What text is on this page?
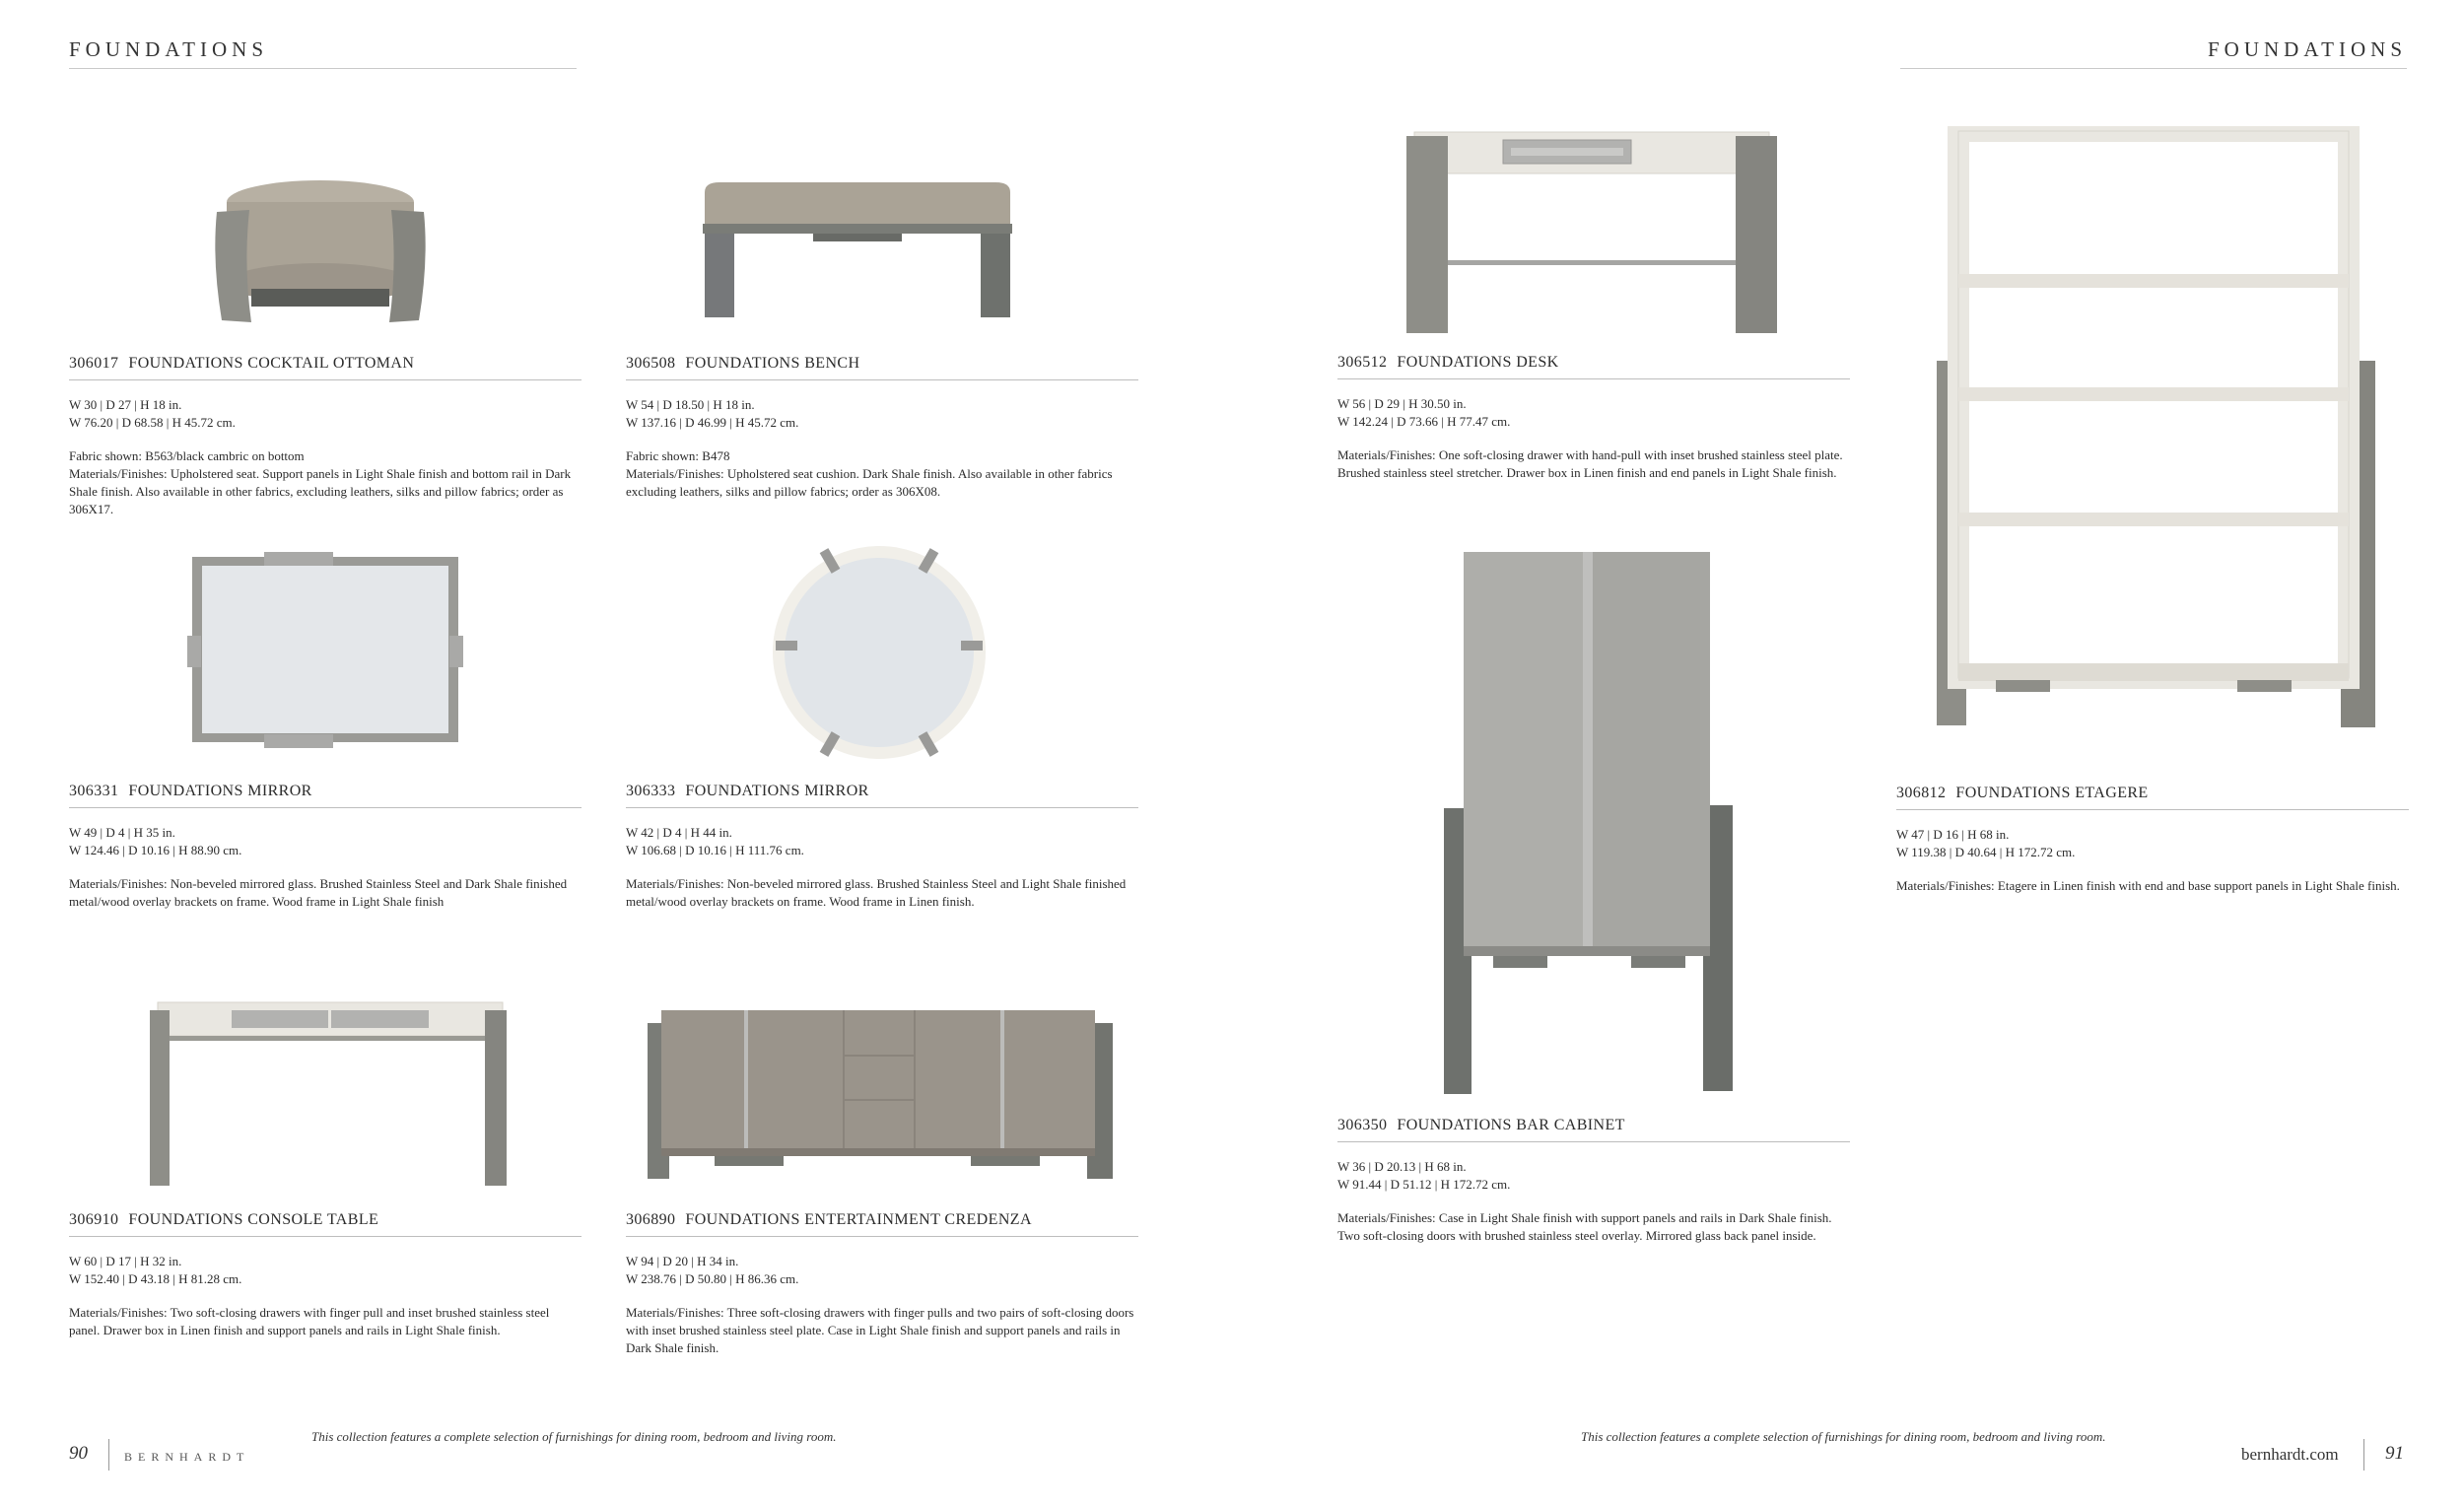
FOUNDATIONS	FOUNDATIONS
306017 FOUNDATIONS COCKTAIL OTTOMAN
W 30 | D 27 | H 18 in.
W 76.20 | D 68.58 | H 45.72 cm.
Fabric shown: B563/black cambric on bottom
Materials/Finishes: Upholstered seat. Support panels in Light Shale finish and bottom rail in Dark Shale finish. Also available in other fabrics, excluding leathers, silks and pillow fabrics; order as 306X17.
306508 FOUNDATIONS BENCH
W 54 | D 18.50 | H 18 in.
W 137.16 | D 46.99 | H 45.72 cm.
Fabric shown: B478
Materials/Finishes: Upholstered seat cushion. Dark Shale finish. Also available in other fabrics excluding leathers, silks and pillow fabrics; order as 306X08.
306331 FOUNDATIONS MIRROR
W 49 | D 4 | H 35 in.
W 124.46 | D 10.16 | H 88.90 cm.
Materials/Finishes: Non-beveled mirrored glass. Brushed Stainless Steel and Dark Shale finished metal/wood overlay brackets on frame. Wood frame in Light Shale finish
306333 FOUNDATIONS MIRROR
W 42 | D 4 | H 44 in.
W 106.68 | D 10.16 | H 111.76 cm.
Materials/Finishes: Non-beveled mirrored glass. Brushed Stainless Steel and Light Shale finished metal/wood overlay brackets on frame. Wood frame in Linen finish.
306910 FOUNDATIONS CONSOLE TABLE
W 60 | D 17 | H 32 in.
W 152.40 | D 43.18 | H 81.28 cm.
Materials/Finishes: Two soft-closing drawers with finger pull and inset brushed stainless steel panel. Drawer box in Linen finish and support panels and rails in Light Shale finish.
306890 FOUNDATIONS ENTERTAINMENT CREDENZA
W 94 | D 20 | H 34 in.
W 238.76 | D 50.80 | H 86.36 cm.
Materials/Finishes: Three soft-closing drawers with finger pulls and two pairs of soft-closing doors with inset brushed stainless steel plate. Case in Light Shale finish and support panels and rails in Dark Shale finish.
306512 FOUNDATIONS DESK
W 56 | D 29 | H 30.50 in.
W 142.24 | D 73.66 | H 77.47 cm.
Materials/Finishes: One soft-closing drawer with hand-pull with inset brushed stainless steel plate. Brushed stainless steel stretcher. Drawer box in Linen finish and end panels in Light Shale finish.
306350 FOUNDATIONS BAR CABINET
W 36 | D 20.13 | H 68 in.
W 91.44 | D 51.12 | H 172.72 cm.
Materials/Finishes: Case in Light Shale finish with support panels and rails in Dark Shale finish. Two soft-closing doors with brushed stainless steel overlay. Mirrored glass back panel inside.
306812 FOUNDATIONS ETAGERE
W 47 | D 16 | H 68 in.
W 119.38 | D 40.64 | H 172.72 cm.
Materials/Finishes: Etagere in Linen finish with end and base support panels in Light Shale finish.
90	BERNHARDT
This collection features a complete selection of furnishings for dining room, bedroom and living room.	This collection features a complete selection of furnishings for dining room, bedroom and living room.
bernhardt.com 91
